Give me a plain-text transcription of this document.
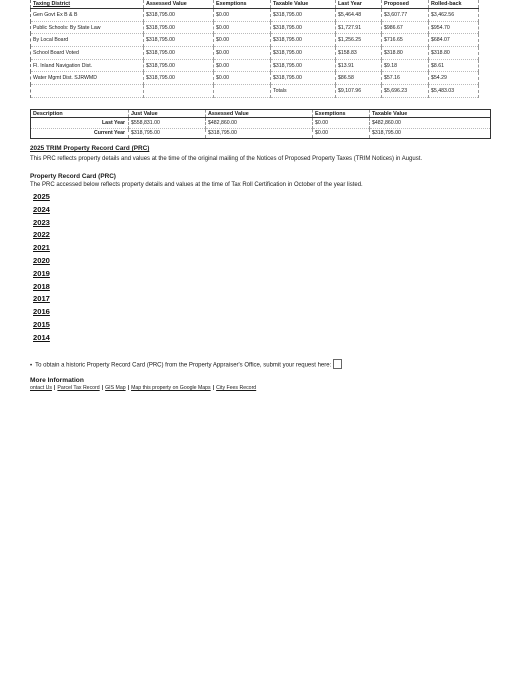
Taxing District	Assessed Value	Exemptions	Taxable Value	Last Year	Proposed	Rolled-back
Gen Govt Ex B & B	$318,795.00	$0.00	$318,795.00	$5,464.48	$3,607.77	$3,462.56
Public Schools: By State Law	$318,795.00	$0.00	$318,795.00	$1,727.91	$986.67	$954.70
By Local Board	$318,795.00	$0.00	$318,795.00	$1,256.25	$716.65	$684.07
School Board Voted	$318,795.00	$0.00	$318,795.00	$158.83	$318.80	$318.80
Fl. Inland Navigation Dist.	$318,795.00	$0.00	$318,795.00	$13.91	$9.18	$8.61
Water Mgmt Dist. SJRWMD	$318,795.00	$0.00	$318,795.00	$86.58	$57.16	$54.29
			Totals	$9,107.96	$5,696.23	$5,483.03
Description	Just Value	Assessed Value	Exemptions	Taxable Value
Last Year	$558,831.00	$482,860.00	$0.00	$482,860.00
Current Year	$318,795.00	$318,795.00	$0.00	$318,795.00
2025 TRIM Property Record Card (PRC)
This PRC reflects property details and values at the time of the original mailing of the Notices of Proposed Property Taxes (TRIM Notices) in August.
Property Record Card (PRC)
The PRC accessed below reflects property details and values at the time of Tax Roll Certification in October of the year listed.
2025
2024
2023
2022
2021
2020
2019
2018
2017
2016
2015
2014
• To obtain a historic Property Record Card (PRC) from the Property Appraiser's Office, submit your request here:
More Information
ontact Us | Parcel Tax Record | GIS Map | Map this property on Google Maps | City Fees Record
